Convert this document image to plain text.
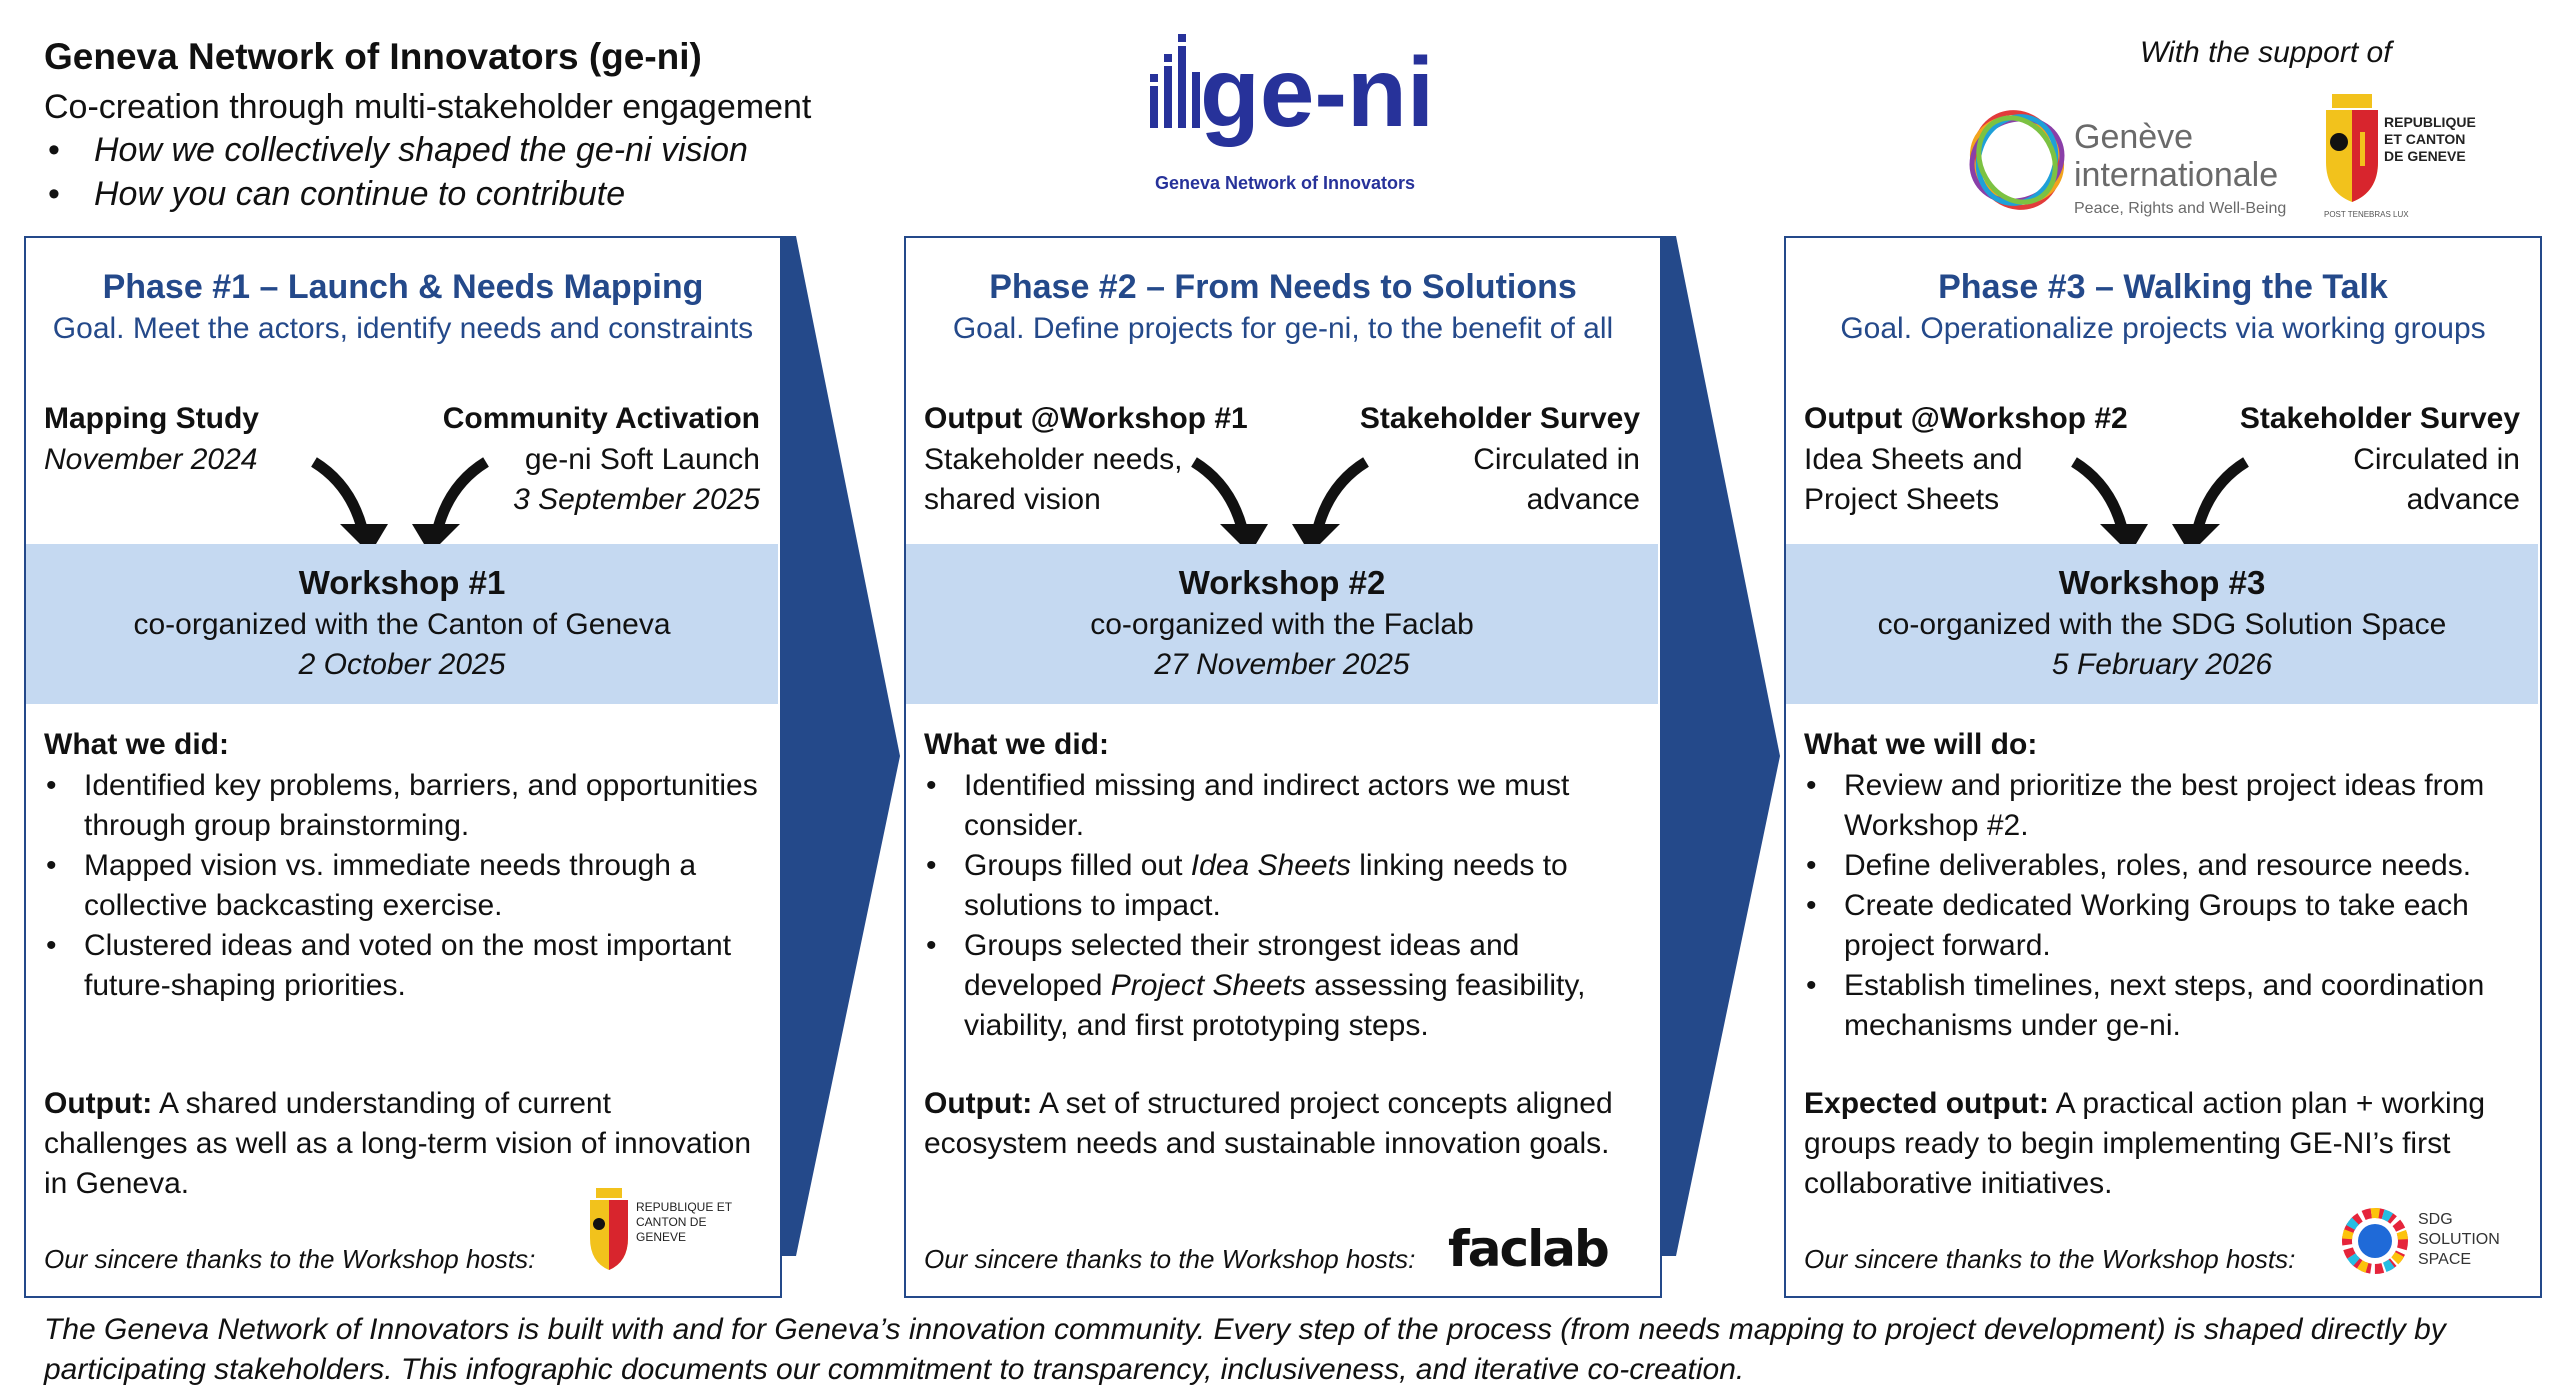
Geneva Network of Innovators (ge-ni)
Co-creation through multi-stakeholder engagement
• How we collectively shaped the ge-ni vision
• How you can continue to contribute
ge-ni
Geneva Network of Innovators
With the support of
Genève
internationale
Peace, Rights and Well-Being
REPUBLIQUE
ET CANTON
DE GENEVE
POST TENEBRAS LUX
Phase #1 – Launch & Needs Mapping
Goal. Meet the actors, identify needs and constraints
Mapping Study
November 2024
Community Activation
ge-ni Soft Launch
3 September 2025
Workshop #1
co-organized with the Canton of Geneva
2 October 2025
What we did:
• Identified key problems, barriers, and opportunities through group brainstorming.
• Mapped vision vs. immediate needs through a collective backcasting exercise.
• Clustered ideas and voted on the most important future-shaping priorities.
Output: A shared understanding of current challenges as well as a long-term vision of innovation in Geneva.
Our sincere thanks to the Workshop hosts:
REPUBLIQUE ET CANTON DE GENEVE
Phase #2 – From Needs to Solutions
Goal. Define projects for ge-ni, to the benefit of all
Output @Workshop #1
Stakeholder needs,
shared vision
Stakeholder Survey
Circulated in
advance
Workshop #2
co-organized with the Faclab
27 November 2025
What we did:
• Identified missing and indirect actors we must consider.
• Groups filled out Idea Sheets linking needs to solutions to impact.
• Groups selected their strongest ideas and developed Project Sheets assessing feasibility, viability, and first prototyping steps.
Output: A set of structured project concepts aligned ecosystem needs and sustainable innovation goals.
Our sincere thanks to the Workshop hosts: faclab
Phase #3 – Walking the Talk
Goal. Operationalize projects via working groups
Output @Workshop #2
Idea Sheets and
Project Sheets
Stakeholder Survey
Circulated in
advance
Workshop #3
co-organized with the SDG Solution Space
5 February 2026
What we will do:
• Review and prioritize the best project ideas from Workshop #2.
• Define deliverables, roles, and resource needs.
• Create dedicated Working Groups to take each project forward.
• Establish timelines, next steps, and coordination mechanisms under ge-ni.
Expected output: A practical action plan + working groups ready to begin implementing GE-NI’s first collaborative initiatives.
Our sincere thanks to the Workshop hosts:
SDG SOLUTION SPACE
The Geneva Network of Innovators is built with and for Geneva’s innovation community. Every step of the process (from needs mapping to project development) is shaped directly by participating stakeholders. This infographic documents our commitment to transparency, inclusiveness, and iterative co-creation.
